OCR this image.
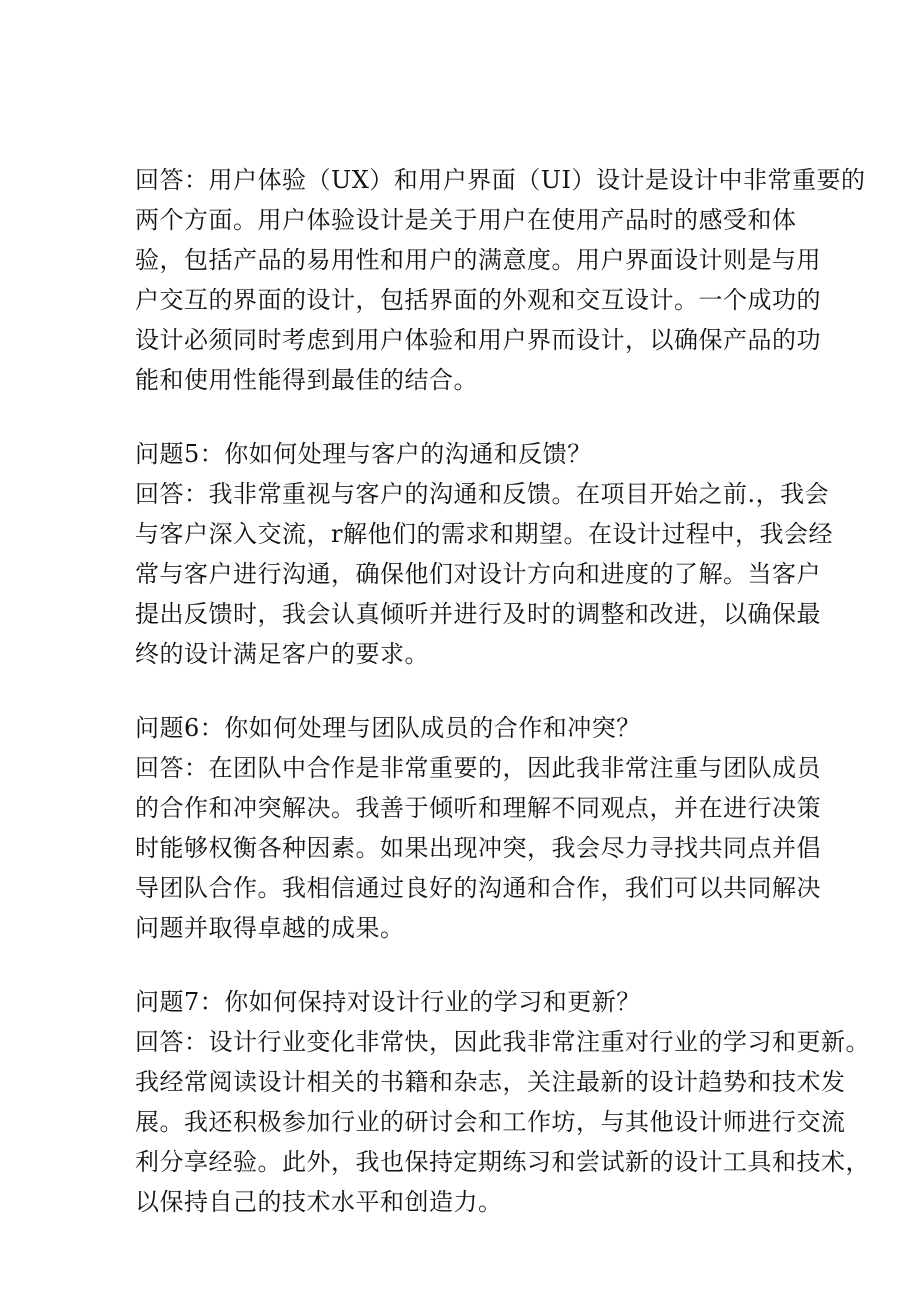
回答：用户体验（UX）和用户界面（UI）设计是设计中非常重要的
两个方面。用户体验设计是关于用户在使用产品时的感受和体
验，包括产品的易用性和用户的满意度。用户界面设计则是与用
户交互的界面的设计，包括界面的外观和交互设计。一个成功的
设计必须同时考虑到用户体验和用户界而设计，以确保产品的功
能和使用性能得到最佳的结合。
问题5：你如何处理与客户的沟通和反馈？
回答：我非常重视与客户的沟通和反馈。在项目开始之前.，我会
与客户深入交流，r解他们的需求和期望。在设计过程中，我会经
常与客户进行沟通，确保他们对设计方向和进度的了解。当客户
提出反馈时，我会认真倾听并进行及时的调整和改进，以确保最
终的设计满足客户的要求。
问题6：你如何处理与团队成员的合作和冲突？
回答：在团队中合作是非常重要的，因此我非常注重与团队成员
的合作和冲突解决。我善于倾听和理解不同观点，并在进行决策
时能够权衡各种因素。如果出现冲突，我会尽力寻找共同点并倡
导团队合作。我相信通过良好的沟通和合作，我们可以共同解决
问题并取得卓越的成果。
问题7：你如何保持对设计行业的学习和更新？
回答：设计行业变化非常快，因此我非常注重对行业的学习和更新。
我经常阅读设计相关的书籍和杂志，关注最新的设计趋势和技术发
展。我还积极参加行业的研讨会和工作坊，与其他设计师进行交流
利分享经验。此外，我也保持定期练习和尝试新的设计工具和技术，
以保持自己的技术水平和创造力。
